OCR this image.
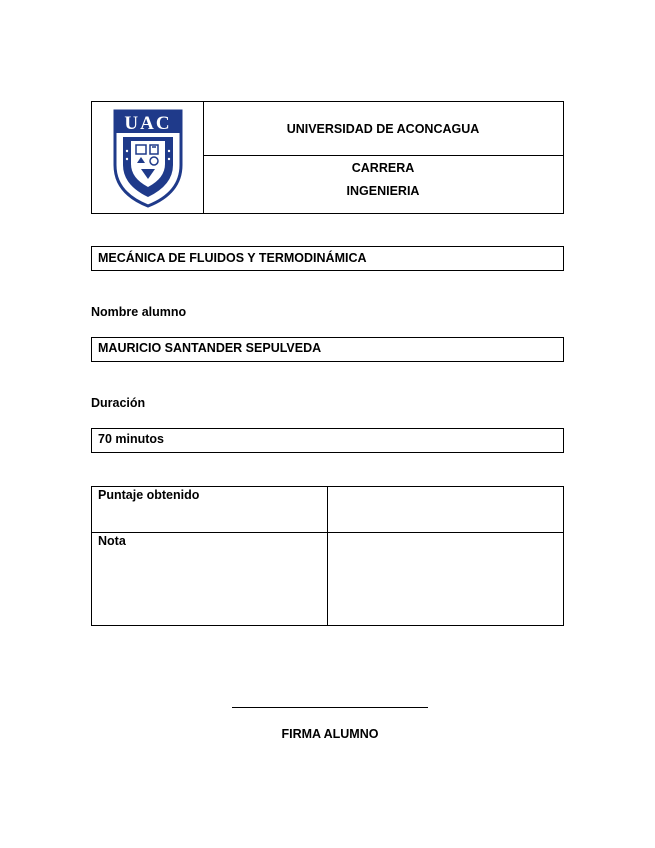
UAC	UNIVERSIDAD DE ACONCAGUA
CARRERA
INGENIERIA
MECÁNICA DE FLUIDOS Y TERMODINÁMICA
Nombre alumno
MAURICIO SANTANDER SEPULVEDA
Duración
70 minutos
Puntaje obtenido
Nota
FIRMA ALUMNO
